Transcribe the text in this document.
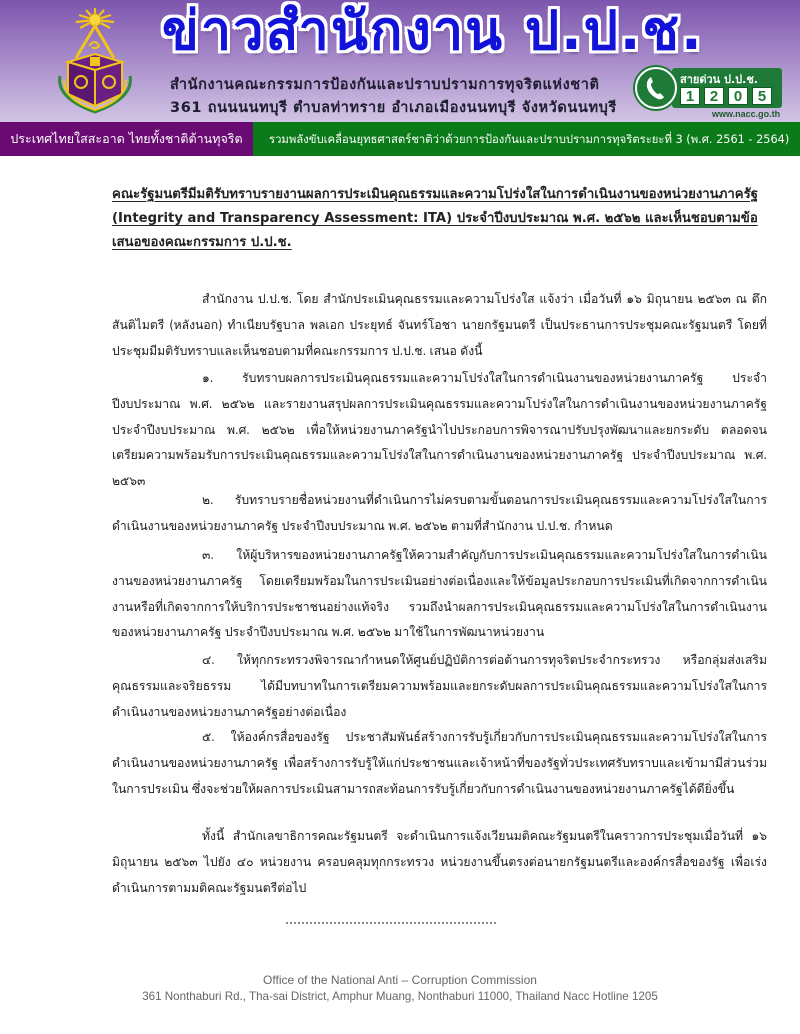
ข่าวสำนักงาน ป.ป.ช.
สำนักงานคณะกรรมการป้องกันและปราบปรามการทุจริตแห่งชาติ
361 ถนนนนทบุรี ตำบลท่าทราย อำเภอเมืองนนทบุรี จังหวัดนนทบุรี
สายด่วน ป.ป.ช.
1	2	0	5
www.nacc.go.th
ประเทศไทยใสสะอาด ไทยทั้งชาติต้านทุจริต	รวมพลังขับเคลื่อนยุทธศาสตร์ชาติว่าด้วยการป้องกันและปราบปรามการทุจริตระยะที่ 3 (พ.ศ. 2561 - 2564)
คณะรัฐมนตรีมีมติรับทราบรายงานผลการประเมินคุณธรรมและความโปร่งใสในการดำเนินงานของหน่วยงานภาครัฐ (Integrity and Transparency Assessment: ITA) ประจำปีงบประมาณ พ.ศ. ๒๕๖๒ และเห็นชอบตามข้อเสนอของคณะกรรมการ ป.ป.ช.
สำนักงาน ป.ป.ช. โดย สำนักประเมินคุณธรรมและความโปร่งใส แจ้งว่า เมื่อวันที่ ๑๖ มิถุนายน ๒๕๖๓ ณ ตึกสันติไมตรี (หลังนอก) ทำเนียบรัฐบาล พลเอก ประยุทธ์ จันทร์โอชา นายกรัฐมนตรี เป็นประธานการประชุมคณะรัฐมนตรี โดยที่ประชุมมีมติรับทราบและเห็นชอบตามที่คณะกรรมการ ป.ป.ช. เสนอ ดังนี้
๑. รับทราบผลการประเมินคุณธรรมและความโปร่งใสในการดำเนินงานของหน่วยงานภาครัฐ ประจำปีงบประมาณ พ.ศ. ๒๕๖๒ และรายงานสรุปผลการประเมินคุณธรรมและความโปร่งใสในการดำเนินงานของหน่วยงานภาครัฐ ประจำปีงบประมาณ พ.ศ. ๒๕๖๒ เพื่อให้หน่วยงานภาครัฐนำไปประกอบการพิจารณาปรับปรุงพัฒนาและยกระดับ ตลอดจนเตรียมความพร้อมรับการประเมินคุณธรรมและความโปร่งใสในการดำเนินงานของหน่วยงานภาครัฐ ประจำปีงบประมาณ พ.ศ. ๒๕๖๓
๒. รับทราบรายชื่อหน่วยงานที่ดำเนินการไม่ครบตามขั้นตอนการประเมินคุณธรรมและความโปร่งใสในการดำเนินงานของหน่วยงานภาครัฐ ประจำปีงบประมาณ พ.ศ. ๒๕๖๒ ตามที่สำนักงาน ป.ป.ช. กำหนด
๓. ให้ผู้บริหารของหน่วยงานภาครัฐให้ความสำคัญกับการประเมินคุณธรรมและความโปร่งใสในการดำเนินงานของหน่วยงานภาครัฐ โดยเตรียมพร้อมในการประเมินอย่างต่อเนื่องและให้ข้อมูลประกอบการประเมินที่เกิดจากการดำเนินงานหรือที่เกิดจากการให้บริการประชาชนอย่างแท้จริง รวมถึงนำผลการประเมินคุณธรรมและความโปร่งใสในการดำเนินงานของหน่วยงานภาครัฐ ประจำปีงบประมาณ พ.ศ. ๒๕๖๒ มาใช้ในการพัฒนาหน่วยงาน
๔. ให้ทุกกระทรวงพิจารณากำหนดให้ศูนย์ปฏิบัติการต่อต้านการทุจริตประจำกระทรวง หรือกลุ่มส่งเสริมคุณธรรมและจริยธรรม ได้มีบทบาทในการเตรียมความพร้อมและยกระดับผลการประเมินคุณธรรมและความโปร่งใสในการดำเนินงานของหน่วยงานภาครัฐอย่างต่อเนื่อง
๕. ให้องค์กรสื่อของรัฐ ประชาสัมพันธ์สร้างการรับรู้เกี่ยวกับการประเมินคุณธรรมและความโปร่งใสในการดำเนินงานของหน่วยงานภาครัฐ เพื่อสร้างการรับรู้ให้แก่ประชาชนและเจ้าหน้าที่ของรัฐทั่วประเทศรับทราบและเข้ามามีส่วนร่วมในการประเมิน ซึ่งจะช่วยให้ผลการประเมินสามารถสะท้อนการรับรู้เกี่ยวกับการดำเนินงานของหน่วยงานภาครัฐได้ดียิ่งขึ้น
ทั้งนี้ สำนักเลขาธิการคณะรัฐมนตรี จะดำเนินการแจ้งเวียนมติคณะรัฐมนตรีในคราวการประชุมเมื่อวันที่ ๑๖ มิถุนายน ๒๕๖๓ ไปยัง ๔๐ หน่วยงาน ครอบคลุมทุกกระทรวง หน่วยงานขึ้นตรงต่อนายกรัฐมนตรีและองค์กรสื่อของรัฐ เพื่อเร่งดำเนินการตามมติคณะรัฐมนตรีต่อไป
Office of the National Anti – Corruption Commission
361 Nonthaburi Rd., Tha-sai District, Amphur Muang, Nonthaburi 11000, Thailand Nacc Hotline 1205
